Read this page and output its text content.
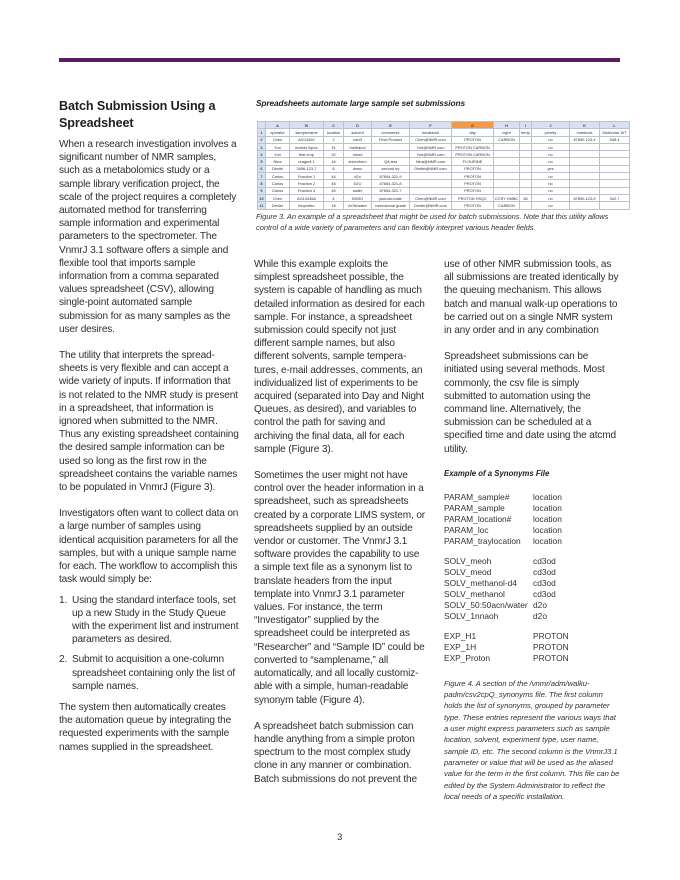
Batch Submission Using a Spreadsheet

When a research investigation involves a significant number of NMR samples, such as a metabolomics study or a sample library verification project, the scale of the project requires a completely automated method for transferring sample information and experimental parameters to the spectrometer. The VnmrJ 3.1 software offers a simple and flexible tool that imports sample information from a comma separated values spreadsheet (CSV), allowing single-point automated sample submission for as many samples as the user desires.

The utility that interprets the spreadsheets is very flexible and can accept a wide variety of inputs. If information that is not related to the NMR study is present in a spreadsheet, that information is ignored when submitted to the NMR. Thus any existing spreadsheet containing the desired sample information can be used so long as the first row in the spreadsheet contains the variable names to be populated in VnmrJ (Figure 3).

Investigators often want to collect data on a large number of samples using identical acquisition parameters for all the samples, but with a unique sample name for each. The workflow to accomplish this task would simply be:

1. Using the standard interface tools, set up a new Study in the Study Queue with the experiment list and instrument parameters as desired.
2. Submit to acquisition a one-column spreadsheet containing only the list of sample names.

The system then automatically creates the automation queue by integrating the requested experiments with the sample names supplied in the spreadsheet.

Spreadsheets automate large sample set submissions
	A	B	C	D	E	F	G	H	I	J	K	L
1	operator	samplename	location	solvent	comments	emailaddr	day	night	temp	priority	notebook	Molecular WT
2	Chen	AG13452	2	cdcl3	Final Product	Chen@NMR.com	PROTON	CARBON		no	87890-123-4	548.4
3	Yuri	mother liquor	31	methanol		Yuri@NMR.com	PROTON CARBON			no		
4	Yuri	first crop	32	meod		Yuri@NMR.com	PROTON CARBON			no		
5	Nina	reagent 1	16	chloroform	QA test	Nina@NMR.com	FLOURINE			no		
6	Dimitri	3456-123-7	8	dmso	second try	Dimitri@NMR.com	PROTON			yes		
7	Carlos	Fraction 1	44	d2o	87654-321-9		PROTON			no		
8	Carlos	Fraction 2	45	D2O	87654-321-8		PROTON			no		
9	Carlos	Fraction 3	46	water	87654-321-7		PROTON			no		
10	Chen	AG13445A	4	DMSO	pseudo-mate	Chen@NMR.com	PROTON HSQC	COSY HMBC	65	no	87890-123-5	342.7
11	Dexter	ibuprofen	18	ACN/water	commercial grade	Dexter@NMR.com	PROTON	CARBON		no		
Figure 3. An example of a spreadsheet that might be used for batch submissions. Note that this utility allows control of a wide variety of parameters and can flexibly interpret various header fields.

While this example exploits the simplest spreadsheet possible, the system is capable of handling as much detailed information as desired for each sample. For instance, a spreadsheet submission could specify not just different sample names, but also different solvents, sample temperatures, e-mail addresses, comments, an individualized list of experiments to be acquired (separated into Day and Night Queues, as desired), and variables to control the path for saving and archiving the final data, all for each sample (Figure 3).

Sometimes the user might not have control over the header information in a spreadsheet, such as spreadsheets created by a corporate LIMS system, or spreadsheets supplied by an outside vendor or customer. The VnmrJ 3.1 software provides the capability to use a simple text file as a synonym list to translate headers from the input template into VnmrJ 3.1 parameter values. For instance, the term “Investigator” supplied by the spreadsheet could be interpreted as “Researcher” and “Sample ID” could be converted to “samplename,” all automatically, and all locally customizable with a simple, human-readable synonym table (Figure 4).

A spreadsheet batch submission can handle anything from a simple proton spectrum to the most complex study clone in any manner or combination. Batch submissions do not prevent the

use of other NMR submission tools, as all submissions are treated identically by the queuing mechanism. This allows batch and manual walk-up operations to be carried out on a single NMR system in any order and in any combination

Spreadsheet submissions can be initiated using several methods. Most commonly, the csv file is simply submitted to automation using the command line. Alternatively, the submission can be scheduled at a specified time and date using the atcmd utility.

Example of a Synonyms File
PARAM_sample#	location
PARAM_sample	location
PARAM_location#	location
PARAM_loc	location
PARAM_traylocation	location
SOLV_meoh	cd3od
SOLV_meod	cd3od
SOLV_methanol-d4	cd3od
SOLV_methanol	cd3od
SOLV_50:50acn/water d2o
SOLV_1nnaoh	d2o
EXP_H1	PROTON
EXP_1H	PROTON
EXP_Proton	PROTON
Figure 4. A section of the /vnmr/adm/walkupadm/csv2cpQ_synonyms file. The first column holds the list of synonyms, grouped by parameter type. These entries represent the various ways that a user might express parameters such as sample location, solvent, experiment type, user name, sample ID, etc. The second column is the VnmrJ3.1 parameter or value that will be used as the aliased value for the term in the first column. This file can be edited by the System Administrator to reflect the local needs of a specific installation.
3
